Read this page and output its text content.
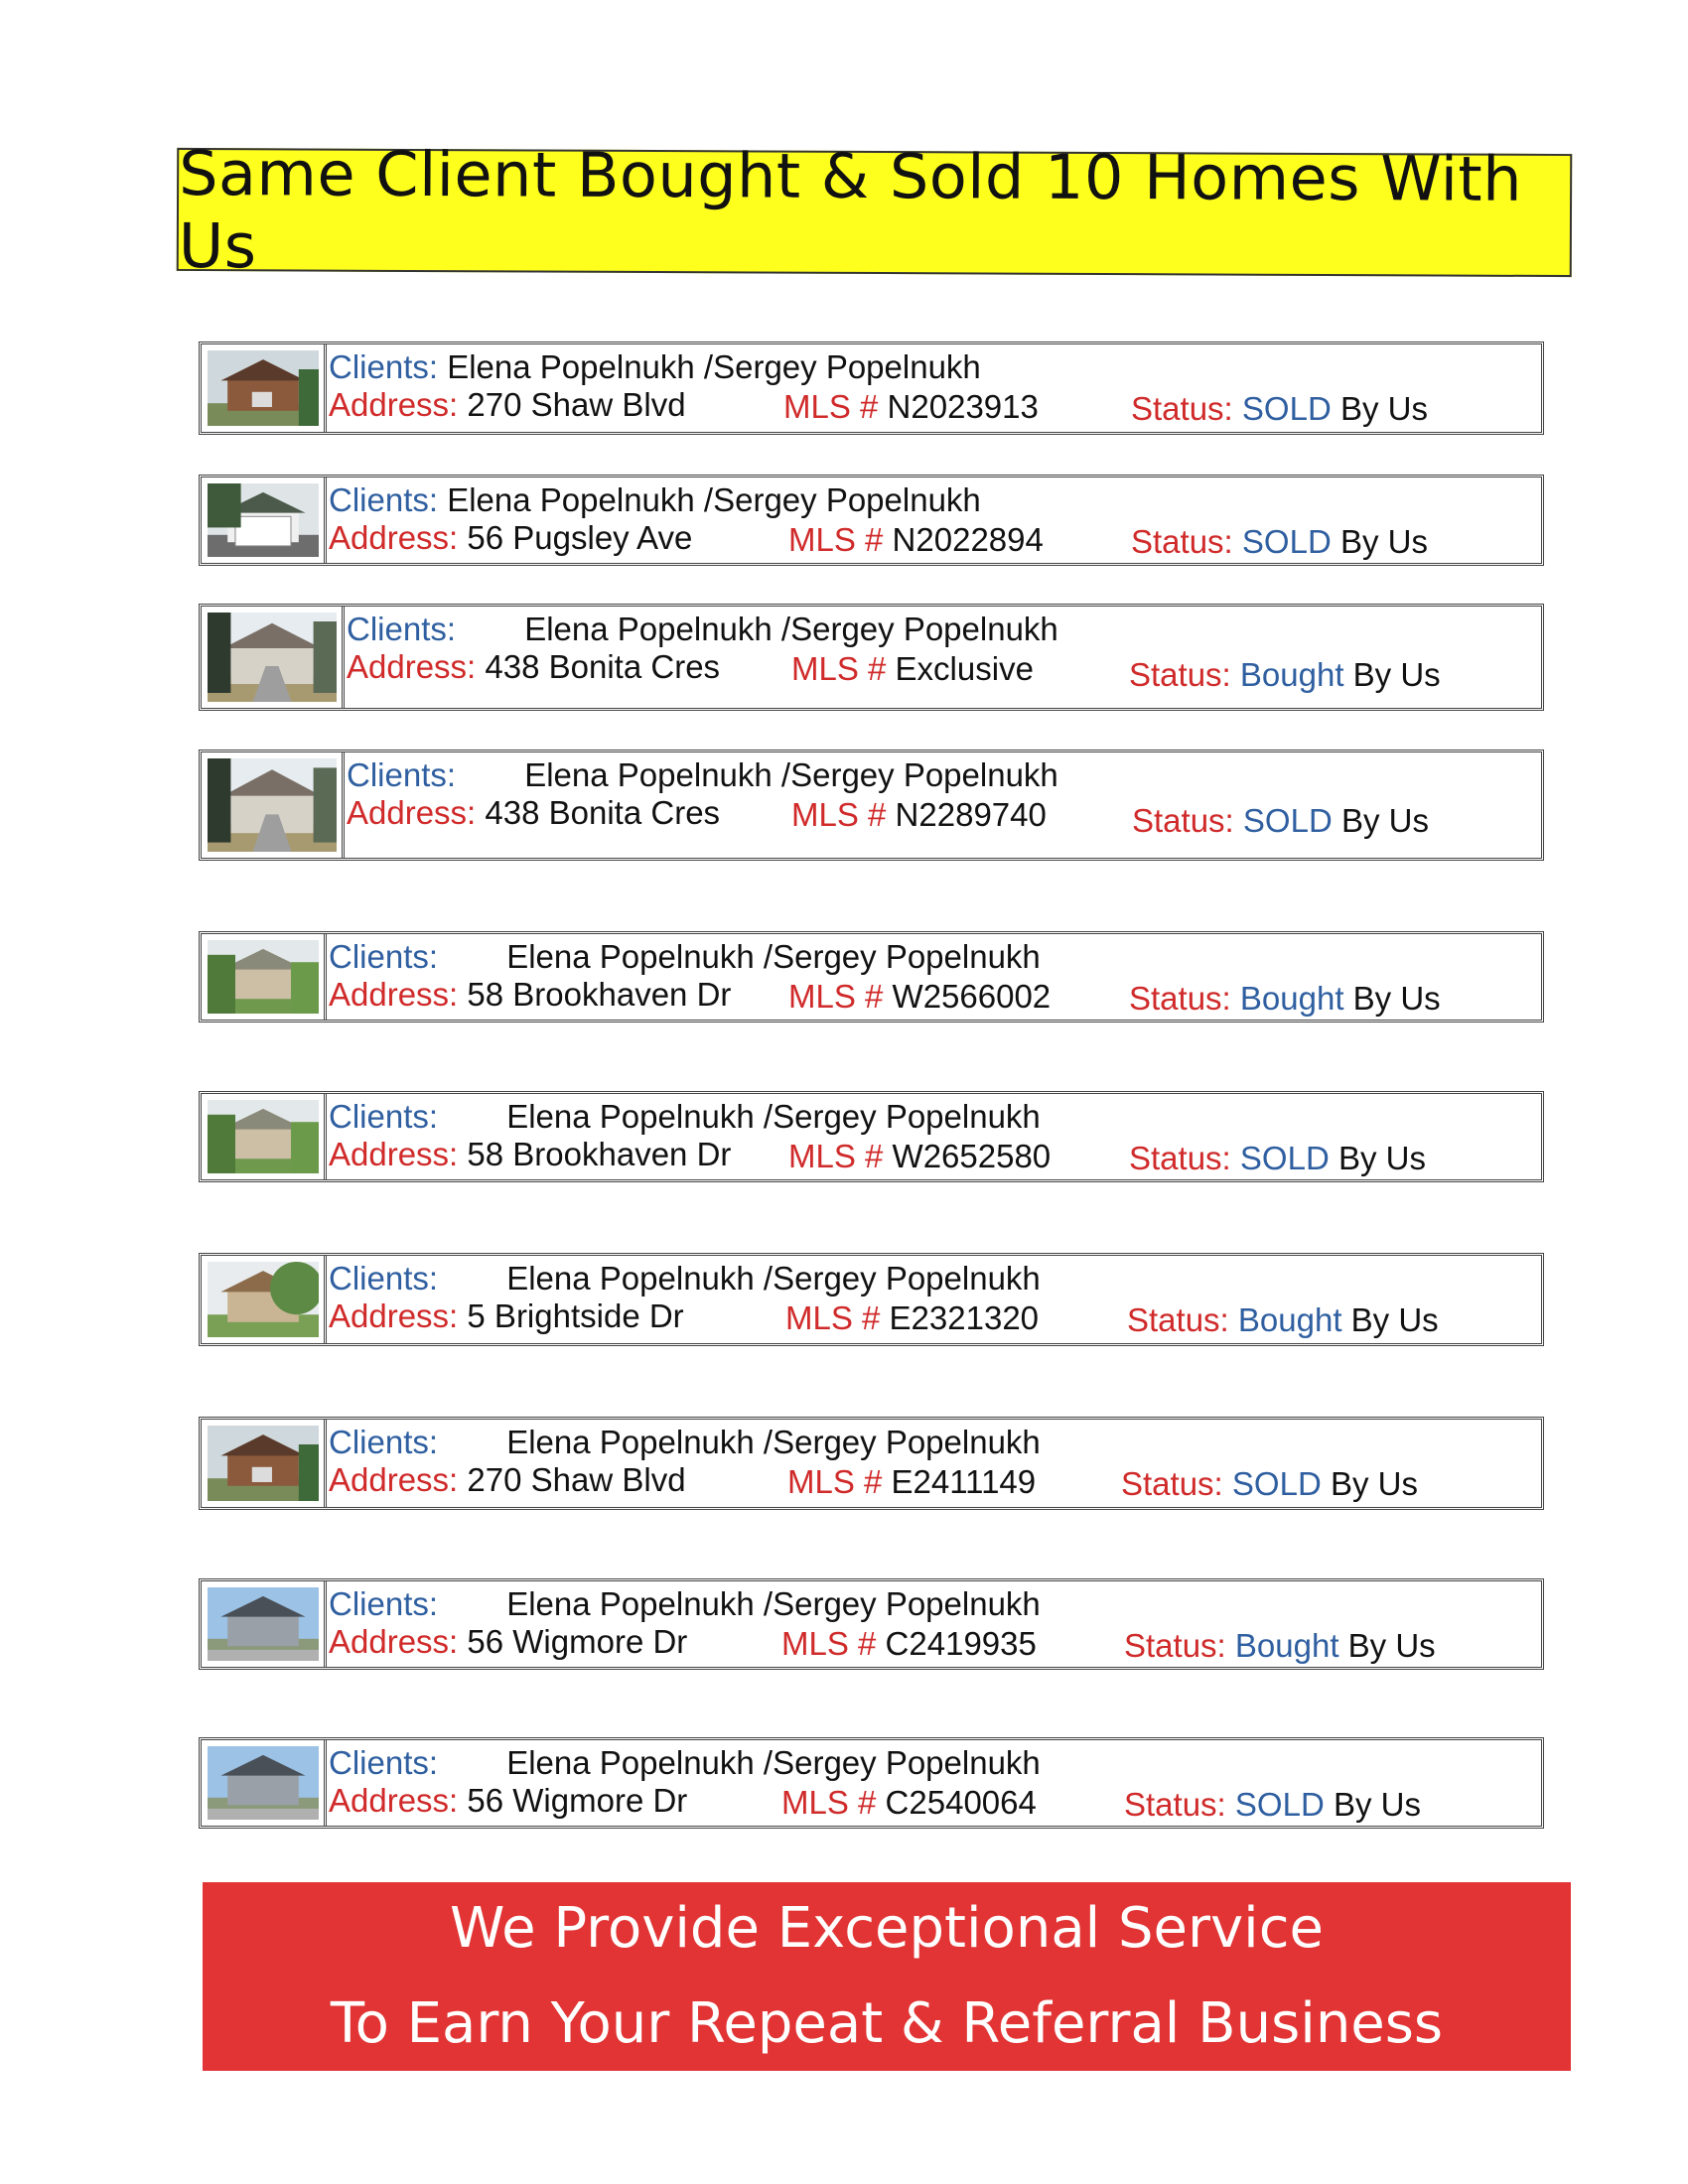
Same Client Bought & Sold 10 Homes With Us
Clients: Elena Popelnukh /Sergey Popelnukh
Address: 270 Shaw Blvd	MLS # N2023913	Status: SOLD By Us
Clients: Elena Popelnukh /Sergey Popelnukh
Address: 56 Pugsley Ave	MLS # N2022894	Status: SOLD By Us
Clients: Elena Popelnukh /Sergey Popelnukh
Address: 438 Bonita Cres MLS # Exclusive	Status: Bought By Us
Clients: Elena Popelnukh /Sergey Popelnukh
Address: 438 Bonita Cres MLS # N2289740	Status: SOLD By Us
Clients: Elena Popelnukh /Sergey Popelnukh
Address: 58 Brookhaven Dr MLS # W2566002 Status: Bought By Us
Clients: Elena Popelnukh /Sergey Popelnukh
Address: 58 Brookhaven Dr MLS # W2652580 Status: SOLD By Us
Clients: Elena Popelnukh /Sergey Popelnukh
Address: 5 Brightside Dr	MLS # E2321320	Status: Bought By Us
Clients: Elena Popelnukh /Sergey Popelnukh
Address: 270 Shaw Blvd	MLS # E2411149	Status: SOLD By Us
Clients: Elena Popelnukh /Sergey Popelnukh
Address: 56 Wigmore Dr	MLS # C2419935	Status: Bought By Us
Clients: Elena Popelnukh /Sergey Popelnukh
Address: 56 Wigmore Dr	MLS # C2540064	Status: SOLD By Us
We Provide Exceptional Service
To Earn Your Repeat & Referral Business
